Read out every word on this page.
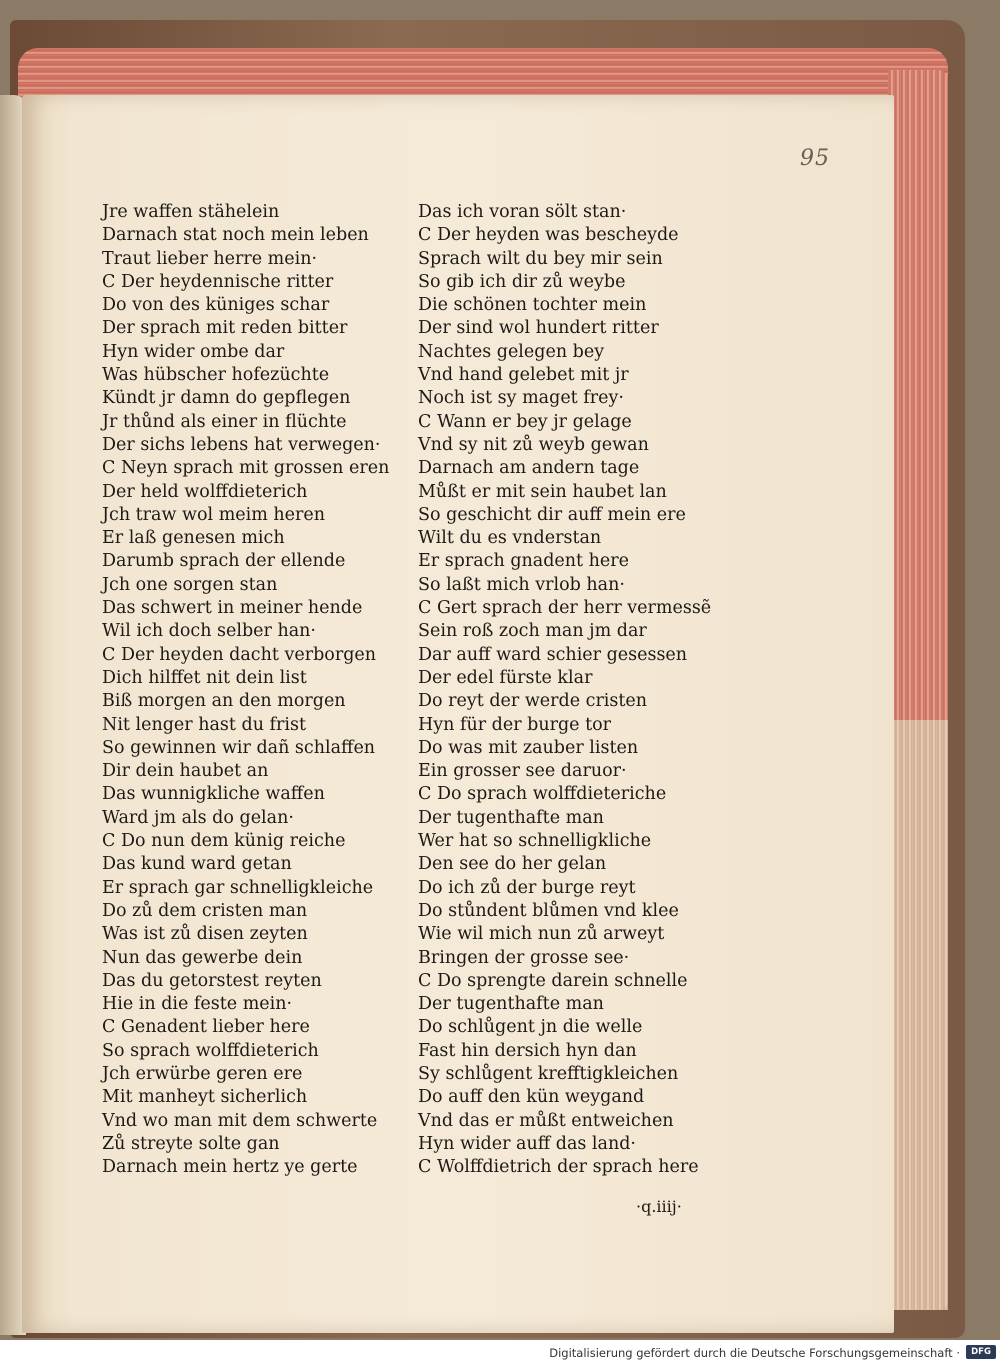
95
Jre waffen stähelein
Darnach stat noch mein leben
Traut lieber herre mein·
C Der heydennische ritter
Do von des küniges schar
Der sprach mit reden bitter
Hyn wider ombe dar
Was hübscher hofezüchte
Kündt jr damn do gepflegen
Jr thůnd als einer in flüchte
Der sichs lebens hat verwegen·
C Neyn sprach mit grossen eren
Der held wolffdieterich
Jch traw wol meim heren
Er laß genesen mich
Darumb sprach der ellende
Jch one sorgen stan
Das schwert in meiner hende
Wil ich doch selber han·
C Der heyden dacht verborgen
Dich hilffet nit dein list
Biß morgen an den morgen
Nit lenger hast du frist
So gewinnen wir dañ schlaffen
Dir dein haubet an
Das wunnigkliche waffen
Ward jm als do gelan·
C Do nun dem künig reiche
Das kund ward getan
Er sprach gar schnelligkleiche
Do zů dem cristen man
Was ist zů disen zeyten
Nun das gewerbe dein
Das du getorstest reyten
Hie in die feste mein·
C Genadent lieber here
So sprach wolffdieterich
Jch erwürbe geren ere
Mit manheyt sicherlich
Vnd wo man mit dem schwerte
Zů streyte solte gan
Darnach mein hertz ye gerte
Das ich voran sölt stan·
C Der heyden was bescheyde
Sprach wilt du bey mir sein
So gib ich dir zů weybe
Die schönen tochter mein
Der sind wol hundert ritter
Nachtes gelegen bey
Vnd hand gelebet mit jr
Noch ist sy maget frey·
C Wann er bey jr gelage
Vnd sy nit zů weyb gewan
Darnach am andern tage
Můßt er mit sein haubet lan
So geschicht dir auff mein ere
Wilt du es vnderstan
Er sprach gnadent here
So laßt mich vrlob han·
C Gert sprach der herr vermessẽ
Sein roß zoch man jm dar
Dar auff ward schier gesessen
Der edel fürste klar
Do reyt der werde cristen
Hyn für der burge tor
Do was mit zauber listen
Ein grosser see daruor·
C Do sprach wolffdieteriche
Der tugenthafte man
Wer hat so schnelligkliche
Den see do her gelan
Do ich zů der burge reyt
Do stůndent blůmen vnd klee
Wie wil mich nun zů arweyt
Bringen der grosse see·
C Do sprengte darein schnelle
Der tugenthafte man
Do schlůgent jn die welle
Fast hin dersich hyn dan
Sy schlůgent krefftigkleichen
Do auff den kün weygand
Vnd das er můßt entweichen
Hyn wider auff das land·
C Wolffdietrich der sprach here
·q.iiij·
Digitalisierung gefördert durch die Deutsche Forschungsgemeinschaft ·	DFG
